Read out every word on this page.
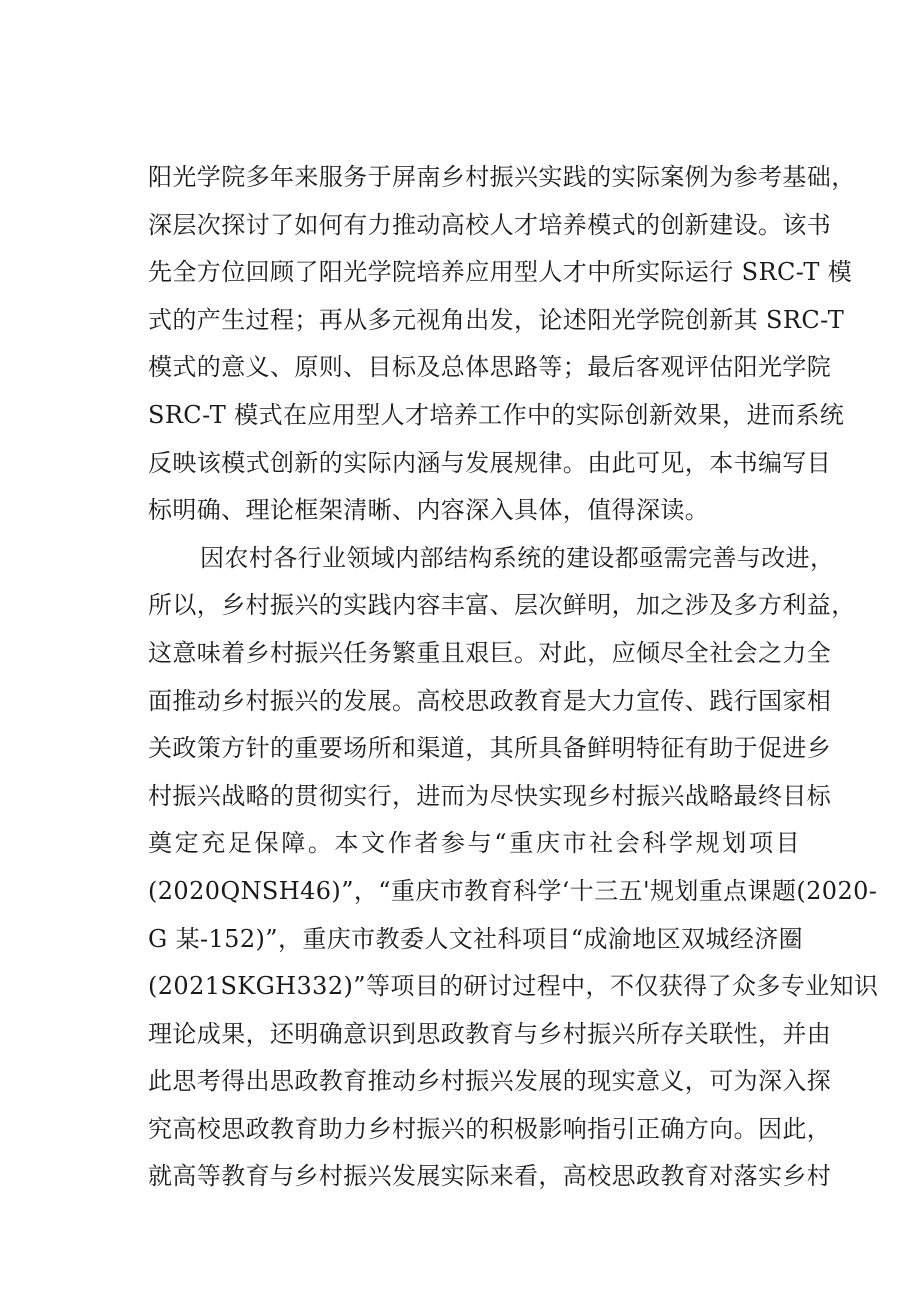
阳光学院多年来服务于屏南乡村振兴实践的实际案例为参考基础，
深层次探讨了如何有力推动高校人才培养模式的创新建设。该书
先全方位回顾了阳光学院培养应用型人才中所实际运行 SRC-T 模
式的产生过程；再从多元视角出发，论述阳光学院创新其 SRC-T
模式的意义、原则、目标及总体思路等；最后客观评估阳光学院
SRC-T 模式在应用型人才培养工作中的实际创新效果，进而系统
反映该模式创新的实际内涵与发展规律。由此可见，本书编写目
标明确、理论框架清晰、内容深入具体，值得深读。
因农村各行业领域内部结构系统的建设都亟需完善与改进，
所以，乡村振兴的实践内容丰富、层次鲜明，加之涉及多方利益，
这意味着乡村振兴任务繁重且艰巨。对此，应倾尽全社会之力全
面推动乡村振兴的发展。高校思政教育是大力宣传、践行国家相
关政策方针的重要场所和渠道，其所具备鲜明特征有助于促进乡
村振兴战略的贯彻实行，进而为尽快实现乡村振兴战略最终目标
奠定充足保障。本文作者参与“重庆市社会科学规划项目
(2020QNSH46)”，“重庆市教育科学‘十三五'规划重点课题(2020-
G 某-152)”，重庆市教委人文社科项目“成渝地区双城经济圈
(2021SKGH332)”等项目的研讨过程中，不仅获得了众多专业知识
理论成果，还明确意识到思政教育与乡村振兴所存关联性，并由
此思考得出思政教育推动乡村振兴发展的现实意义，可为深入探
究高校思政教育助力乡村振兴的积极影响指引正确方向。因此，
就高等教育与乡村振兴发展实际来看，高校思政教育对落实乡村
